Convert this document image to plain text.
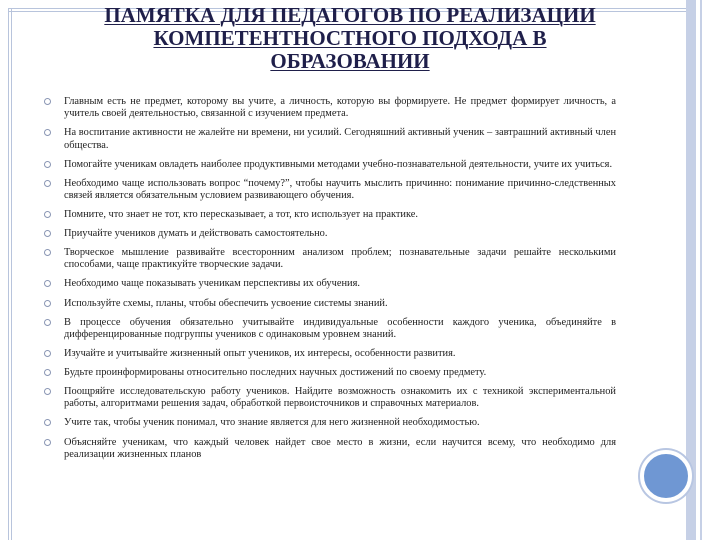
ПАМЯТКА ДЛЯ ПЕДАГОГОВ ПО РЕАЛИЗАЦИИ
КОМПЕТЕНТНОСТНОГО ПОДХОДА В
ОБРАЗОВАНИИ
Главным есть не предмет, которому вы учите, а личность, которую вы формируете. Не предмет формирует личность, а учитель своей деятельностью, связанной с изучением предмета.
На воспитание активности не жалейте ни времени, ни усилий. Сегодняшний активный ученик – завтрашний активный член общества.
Помогайте ученикам овладеть наиболее продуктивными методами учебно-познавательной деятельности, учите их учиться.
Необходимо чаще использовать вопрос “почему?”, чтобы научить мыслить причинно: понимание причинно-следственных связей является обязательным условием развивающего обучения.
Помните, что знает не тот, кто пересказывает, а тот, кто использует на практике.
Приучайте учеников думать и действовать самостоятельно.
Творческое мышление развивайте всесторонним анализом проблем; познавательные задачи решайте несколькими способами, чаще практикуйте творческие задачи.
Необходимо чаще показывать ученикам перспективы их обучения.
Используйте схемы, планы, чтобы обеспечить усвоение системы знаний.
В процессе обучения обязательно учитывайте индивидуальные особенности каждого ученика, объединяйте в дифференцированные подгруппы учеников с одинаковым уровнем знаний.
Изучайте и учитывайте жизненный опыт учеников, их интересы, особенности развития.
Будьте проинформированы относительно последних научных достижений по своему предмету.
Поощряйте исследовательскую работу учеников. Найдите возможность ознакомить их с техникой экспериментальной работы, алгоритмами решения задач, обработкой первоисточников и справочных материалов.
Учите так, чтобы ученик понимал, что знание является для него жизненной необходимостью.
Объясняйте ученикам, что каждый человек найдет свое место в жизни, если научится всему, что необходимо для реализации жизненных планов
